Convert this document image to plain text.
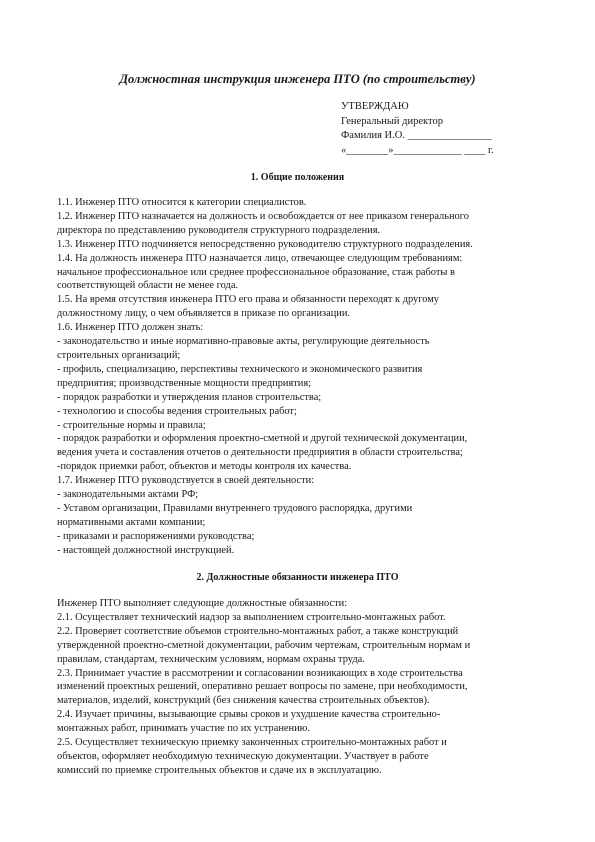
Должностная инструкция инженера ПТО (по строительству)
УТВЕРЖДАЮ
Генеральный директор
Фамилия И.О. ________________
«________»_____________ ____ г.
1. Общие положения
1.1. Инженер ПТО относится к категории специалистов.
1.2. Инженер ПТО назначается на должность и освобождается от нее приказом генерального
директора по представлению руководителя структурного подразделения.
1.3. Инженер ПТО подчиняется непосредственно руководителю структурного подразделения.
1.4. На должность инженера ПТО назначается лицо, отвечающее следующим требованиям:
начальное профессиональное или среднее профессиональное образование, стаж работы в
соответствующей области не менее года.
1.5. На время отсутствия инженера ПТО его права и обязанности переходят к другому
должностному лицу, о чем объявляется в приказе по организации.
1.6. Инженер ПТО должен знать:
- законодательство и иные нормативно-правовые акты, регулирующие деятельность
строительных организаций;
- профиль, специализацию, перспективы технического и экономического развития
предприятия; производственные мощности предприятия;
- порядок разработки и утверждения планов строительства;
- технологию и способы ведения строительных работ;
- строительные нормы и правила;
- порядок разработки и оформления проектно-сметной и другой технической документации,
ведения учета и составления отчетов о деятельности предприятия в области строительства;
-порядок приемки работ, объектов и методы контроля их качества.
1.7. Инженер ПТО руководствуется в своей деятельности:
- законодательными актами РФ;
- Уставом организации, Правилами внутреннего трудового распорядка, другими
нормативными актами компании;
- приказами и распоряжениями руководства;
- настоящей должностной инструкцией.
2. Должностные обязанности инженера ПТО
Инженер ПТО выполняет следующие должностные обязанности:
2.1. Осуществляет технический надзор за выполнением строительно-монтажных работ.
2.2. Проверяет соответствие объемов строительно-монтажных работ, а также конструкций
утвержденной проектно-сметной документации, рабочим чертежам, строительным нормам и
правилам, стандартам, техническим условиям, нормам охраны труда.
2.3. Принимает участие в рассмотрении и согласовании возникающих в ходе строительства
изменений проектных решений, оперативно решает вопросы по замене, при необходимости,
материалов, изделий, конструкций (без снижения качества строительных объектов).
2.4. Изучает причины, вызывающие срывы сроков и ухудшение качества строительно-
монтажных работ, принимать участие по их устранению.
2.5. Осуществляет техническую приемку законченных строительно-монтажных работ и
объектов, оформляет необходимую техническую документации. Участвует в работе
комиссий по приемке строительных объектов и сдаче их в эксплуатацию.
